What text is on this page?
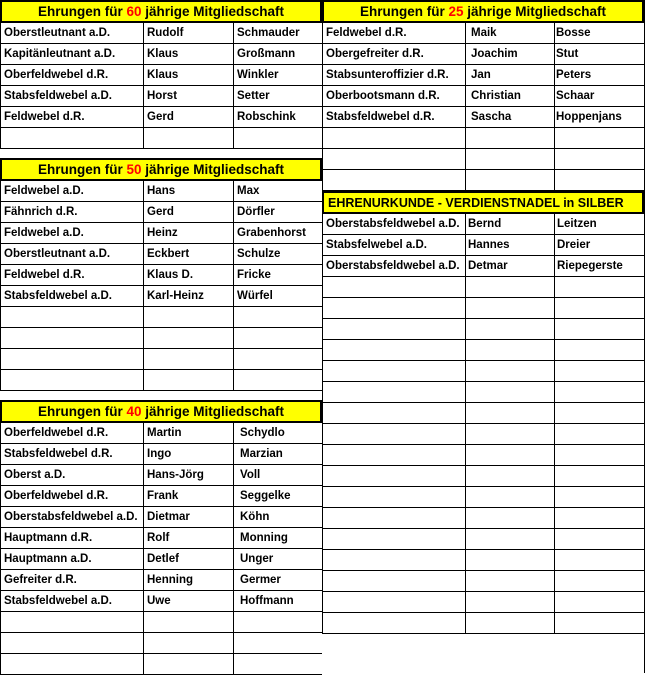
Ehrungen für 60 jährige Mitgliedschaft
Oberstleutnant a.D.	Rudolf	Schmauder
Kapitänleutnant a.D.	Klaus	Großmann
Oberfeldwebel d.R.	Klaus	Winkler
Stabsfeldwebel a.D.	Horst	Setter
Feldwebel d.R.	Gerd	Robschink
Ehrungen für 50 jährige Mitgliedschaft
Feldwebel a.D.	Hans	Max
Fähnrich d.R.	Gerd	Dörfler
Feldwebel a.D.	Heinz	Grabenhorst
Oberstleutnant a.D.	Eckbert	Schulze
Feldwebel d.R.	Klaus D.	Fricke
Stabsfeldwebel a.D.	Karl-Heinz	Würfel
Ehrungen für 40 jährige Mitgliedschaft
Oberfeldwebel d.R.	Martin	Schydlo
Stabsfeldwebel d.R.	Ingo	Marzian
Oberst a.D.	Hans-Jörg	Voll
Oberfeldwebel d.R.	Frank	Seggelke
Oberstabsfeldwebel a.D. Dietmar	Köhn
Hauptmann d.R.	Rolf	Monning
Hauptmann a.D.	Detlef	Unger
Gefreiter d.R.	Henning	Germer
Stabsfeldwebel a.D.	Uwe	Hoffmann
Ehrungen für 25 jährige Mitgliedschaft
Feldwebel d.R.	Maik	Bosse
Obergefreiter d.R.	Joachim	Stut
Stabsunteroffizier d.R.	Jan	Peters
Oberbootsmann d.R.	Christian	Schaar
Stabsfeldwebel d.R.	Sascha	Hoppenjans
EHRENURKUNDE - VERDIENSTNADEL in SILBER
Oberstabsfeldwebel a.D. Bernd	Leitzen
Stabsfelwebel a.D.	Hannes	Dreier
Oberstabsfeldwebel a.D. Detmar	Riepegerste
